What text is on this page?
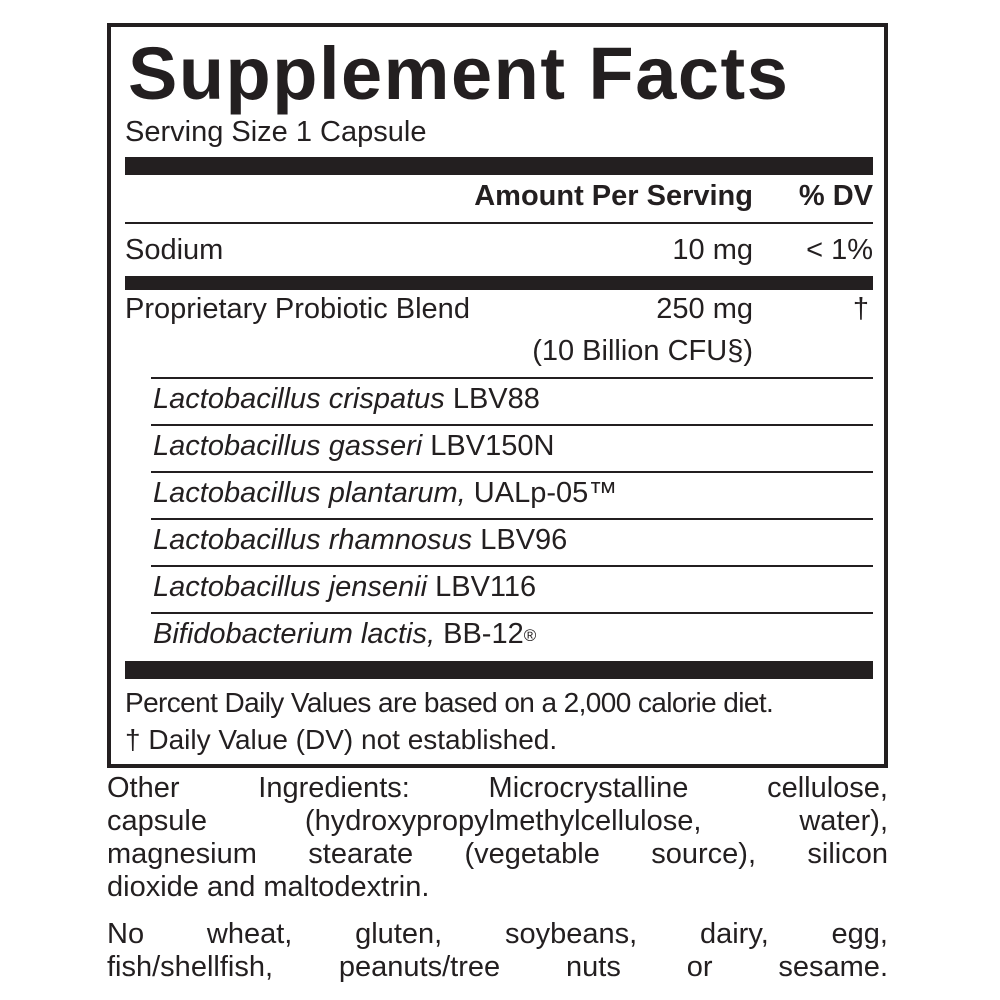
Supplement Facts
Serving Size 1 Capsule
Amount Per Serving	% DV
Sodium	10 mg	< 1%
Proprietary Probiotic Blend	250 mg	†
(10 Billion CFU§)
Lactobacillus crispatus LBV88
Lactobacillus gasseri LBV150N
Lactobacillus plantarum, UALp-05™
Lactobacillus rhamnosus LBV96
Lactobacillus jensenii LBV116
Bifidobacterium lactis, BB-12®
Percent Daily Values are based on a 2,000 calorie diet.
† Daily Value (DV) not established.
Other Ingredients: Microcrystalline cellulose,
capsule (hydroxypropylmethylcellulose, water),
magnesium stearate (vegetable source), silicon
dioxide and maltodextrin.
No wheat, gluten, soybeans, dairy, egg,
fish/shellfish, peanuts/tree nuts or sesame.
